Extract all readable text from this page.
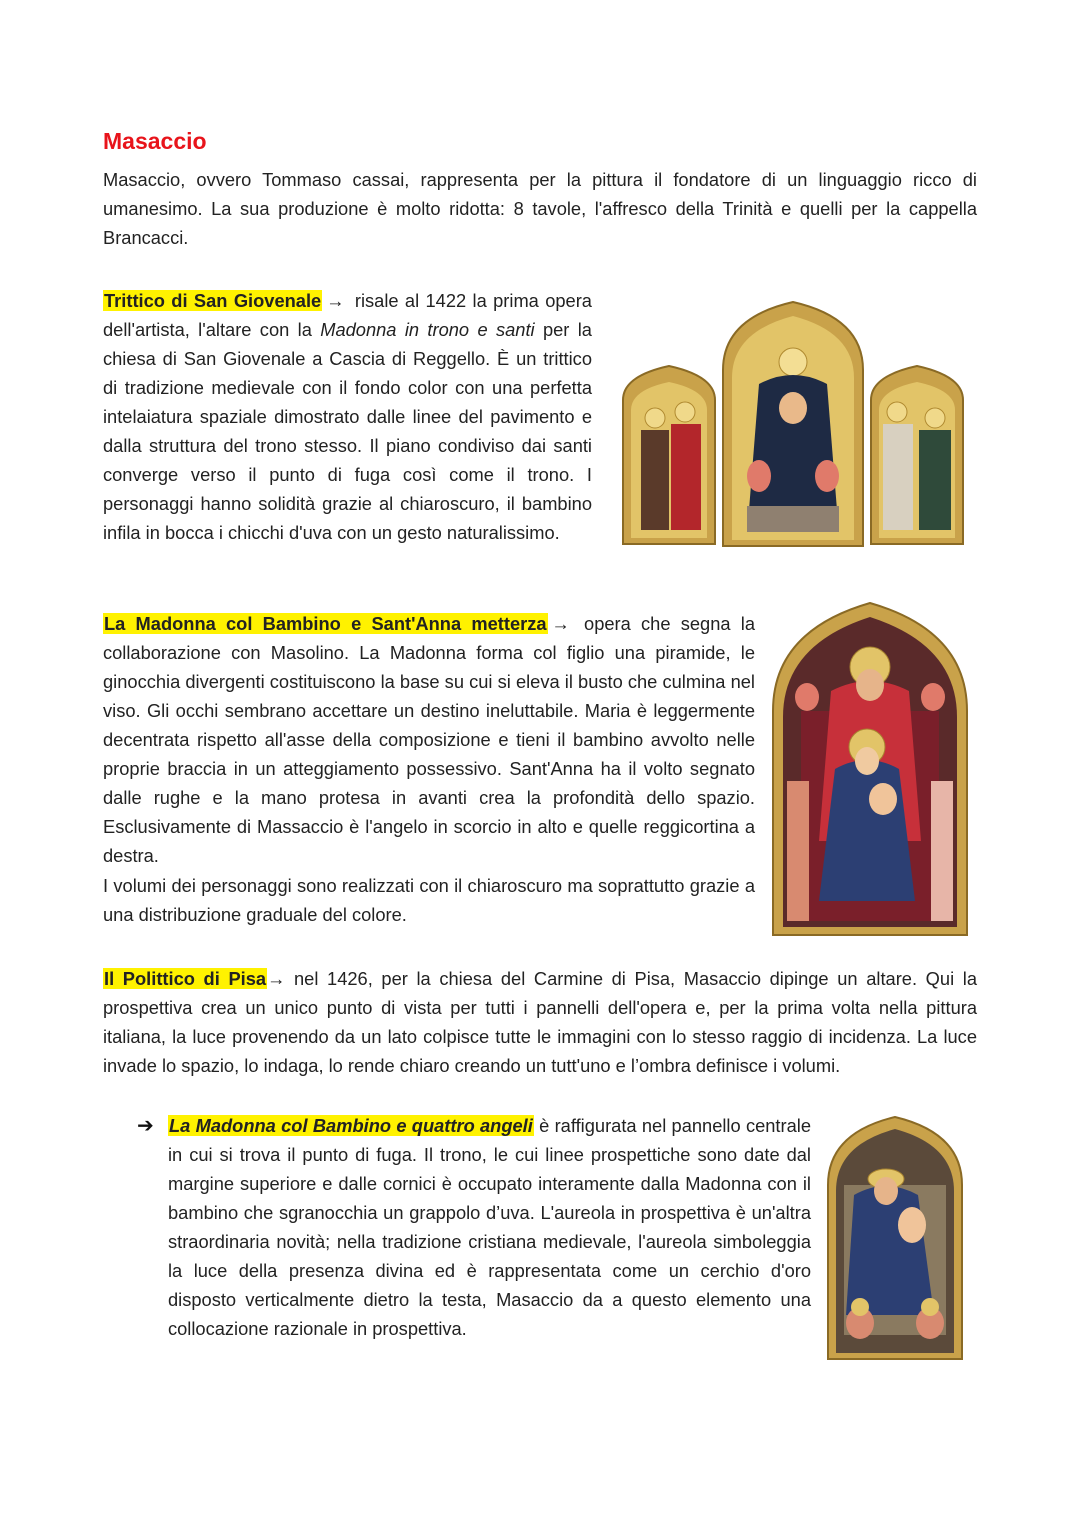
Masaccio

Masaccio, ovvero Tommaso cassai, rappresenta per la pittura il fondatore di un linguaggio ricco di umanesimo. La sua produzione è molto ridotta: 8 tavole, l'affresco della Trinità e quelli per la cappella Brancacci.

Trittico di San Giovenale → risale al 1422 la prima opera dell'artista, l'altare con la Madonna in trono e santi per la chiesa di San Giovenale a Cascia di Reggello. È un trittico di tradizione medievale con il fondo color con una perfetta intelaiatura spaziale dimostrato dalle linee del pavimento e dalla struttura del trono stesso. Il piano condiviso dai santi converge verso il punto di fuga così come il trono. I personaggi hanno solidità grazie al chiaroscuro, il bambino infila in bocca i chicchi d'uva con un gesto naturalissimo.

La Madonna col Bambino e Sant'Anna metterza → opera che segna la collaborazione con Masolino. La Madonna forma col figlio una piramide, le ginocchia divergenti costituiscono la base su cui si eleva il busto che culmina nel viso. Gli occhi sembrano accettare un destino ineluttabile. Maria è leggermente decentrata rispetto all'asse della composizione e tieni il bambino avvolto nelle proprie braccia in un atteggiamento possessivo. Sant'Anna ha il volto segnato dalle rughe e la mano protesa in avanti crea la profondità dello spazio. Esclusivamente di Massaccio è l'angelo in scorcio in alto e quelle reggicortina a destra.

I volumi dei personaggi sono realizzati con il chiaroscuro ma soprattutto grazie a una distribuzione graduale del colore.

Il Polittico di Pisa→ nel 1426, per la chiesa del Carmine di Pisa, Masaccio dipinge un altare. Qui la prospettiva crea un unico punto di vista per tutti i pannelli dell'opera e, per la prima volta nella pittura italiana, la luce provenendo da un lato colpisce tutte le immagini con lo stesso raggio di incidenza. La luce invade lo spazio, lo indaga, lo rende chiaro creando un tutt'uno e l’ombra definisce i volumi.

➔ La Madonna col Bambino e quattro angeli è raffigurata nel pannello centrale in cui si trova il punto di fuga. Il trono, le cui linee prospettiche sono date dal margine superiore e dalle cornici è occupato interamente dalla Madonna con il bambino che sgranocchia un grappolo d’uva. L'aureola in prospettiva è un'altra straordinaria novità; nella tradizione cristiana medievale, l'aureola simboleggia la luce della presenza divina ed è rappresentata come un cerchio d'oro disposto verticalmente dietro la testa, Masaccio da a questo elemento una collocazione razionale in prospettiva.
